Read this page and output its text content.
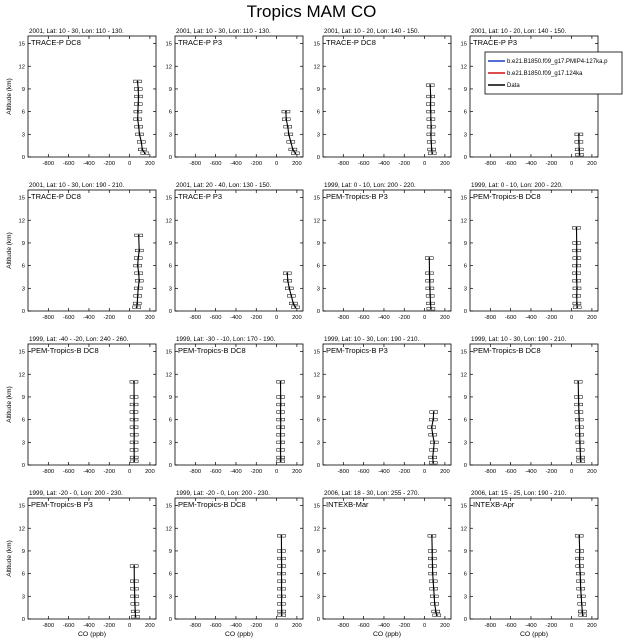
Tropics MAM CO
2001, Lat: 10 - 30, Lon: 110 - 130.
TRACE-P DC8
-800 -600 -400 -200 0 200
0
3
6
9
12
15
Altitude (km)
2001, Lat: 10 - 30, Lon: 110 - 130.
TRACE-P P3
-800 -600 -400 -200 0 200
0
3
6
9
12
15
2001, Lat: 10 - 20, Lon: 140 - 150.
TRACE-P DC8
-800 -600 -400 -200 0 200
0
3
6
9
12
15
2001, Lat: 10 - 20, Lon: 140 - 150.
TRACE-P P3
-800 -600 -400 -200 0 200
0
3
6
9
12
15
2001, Lat: 10 - 30, Lon: 190 - 210.
TRACE-P DC8
-800 -600 -400 -200 0 200
0
3
6
9
12
15
Altitude (km)
2001, Lat: 20 - 40, Lon: 130 - 150.
TRACE-P P3
-800 -600 -400 -200 0 200
0
3
6
9
12
15
1999, Lat: 0 - 10, Lon: 200 - 220.
PEM-Tropics-B P3
-800 -600 -400 -200 0 200
0
3
6
9
12
15
1999, Lat: 0 - 10, Lon: 200 - 220.
PEM-Tropics-B DC8
-800 -600 -400 -200 0 200
0
3
6
9
12
15
1999, Lat: -40 - -20, Lon: 240 - 260.
PEM-Tropics-B DC8
-800 -600 -400 -200 0 200
0
3
6
9
12
15
Altitude (km)
1999, Lat: -30 - -10, Lon: 170 - 190.
PEM-Tropics-B DC8
-800 -600 -400 -200 0 200
0
3
6
9
12
15
1999, Lat: 10 - 30, Lon: 190 - 210.
PEM-Tropics-B P3
-800 -600 -400 -200 0 200
0
3
6
9
12
15
1999, Lat: 10 - 30, Lon: 190 - 210.
PEM-Tropics-B DC8
-800 -600 -400 -200 0 200
0
3
6
9
12
15
1999, Lat: -20 - 0, Lon: 200 - 230.
PEM-Tropics-B P3
-800 -600 -400 -200 0 200
0
3
6
9
12
15
Altitude (km)
CO (ppb)
1999, Lat: -20 - 0, Lon: 200 - 230.
PEM-Tropics-B DC8
-800 -600 -400 -200 0 200
0
3
6
9
12
15
CO (ppb)
2006, Lat: 18 - 30, Lon: 255 - 270.
INTEXB-Mar
-800 -600 -400 -200 0 200
0
3
6
9
12
15
CO (ppb)
2006, Lat: 15 - 25, Lon: 190 - 210.
INTEXB-Apr
-800 -600 -400 -200 0 200
0
3
6
9
12
15
CO (ppb)
b.e21.B1850.f09_g17.PMIP4-127ka.p
b.e21.B1850.f09_g17.124ka
Data
